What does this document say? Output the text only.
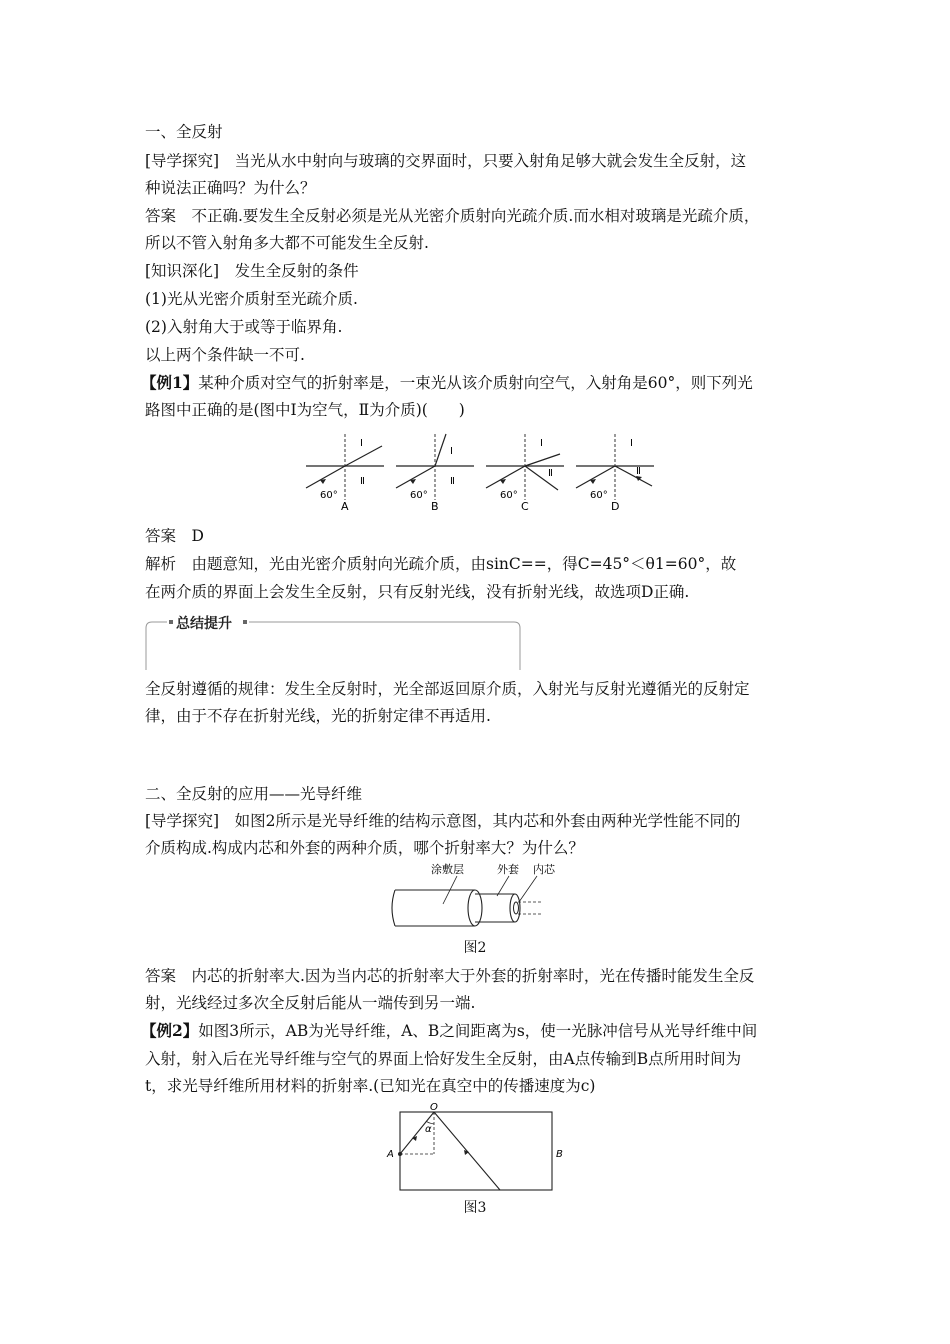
一、全反射
[导学探究]　当光从水中射向与玻璃的交界面时，只要入射角足够大就会发生全反射，这
种说法正确吗？为什么？
答案　不正确.要发生全反射必须是光从光密介质射向光疏介质.而水相对玻璃是光疏介质，
所以不管入射角多大都不可能发生全反射.
[知识深化]　发生全反射的条件
(1)光从光密介质射至光疏介质.
(2)入射角大于或等于临界角.
以上两个条件缺一不可.
【例1】某种介质对空气的折射率是，一束光从该介质射向空气，入射角是60°，则下列光
路图中正确的是(图中Ⅰ为空气，Ⅱ为介质)(　　)
Ⅰ
Ⅱ
60°
A
Ⅰ
Ⅱ
60°
B
Ⅰ
Ⅱ
60°
C
Ⅰ
Ⅱ
60°
D
答案　D
解析　由题意知，光由光密介质射向光疏介质，由sinC==，得C=45°＜θ1=60°，故
在两介质的界面上会发生全反射，只有反射光线，没有折射光线，故选项D正确.
总结提升
全反射遵循的规律：发生全反射时，光全部返回原介质，入射光与反射光遵循光的反射定
律，由于不存在折射光线，光的折射定律不再适用.
二、全反射的应用——光导纤维
[导学探究]　如图2所示是光导纤维的结构示意图，其内芯和外套由两种光学性能不同的
介质构成.构成内芯和外套的两种介质，哪个折射率大？为什么？
涂敷层	外套 内芯
图2
答案　内芯的折射率大.因为当内芯的折射率大于外套的折射率时，光在传播时能发生全反
射，光线经过多次全反射后能从一端传到另一端.
【例2】如图3所示，AB为光导纤维，A、B之间距离为s，使一光脉冲信号从光导纤维中间
入射，射入后在光导纤维与空气的界面上恰好发生全反射，由A点传输到B点所用时间为
t，求光导纤维所用材料的折射率.(已知光在真空中的传播速度为c)
O
α
A	B
图3
